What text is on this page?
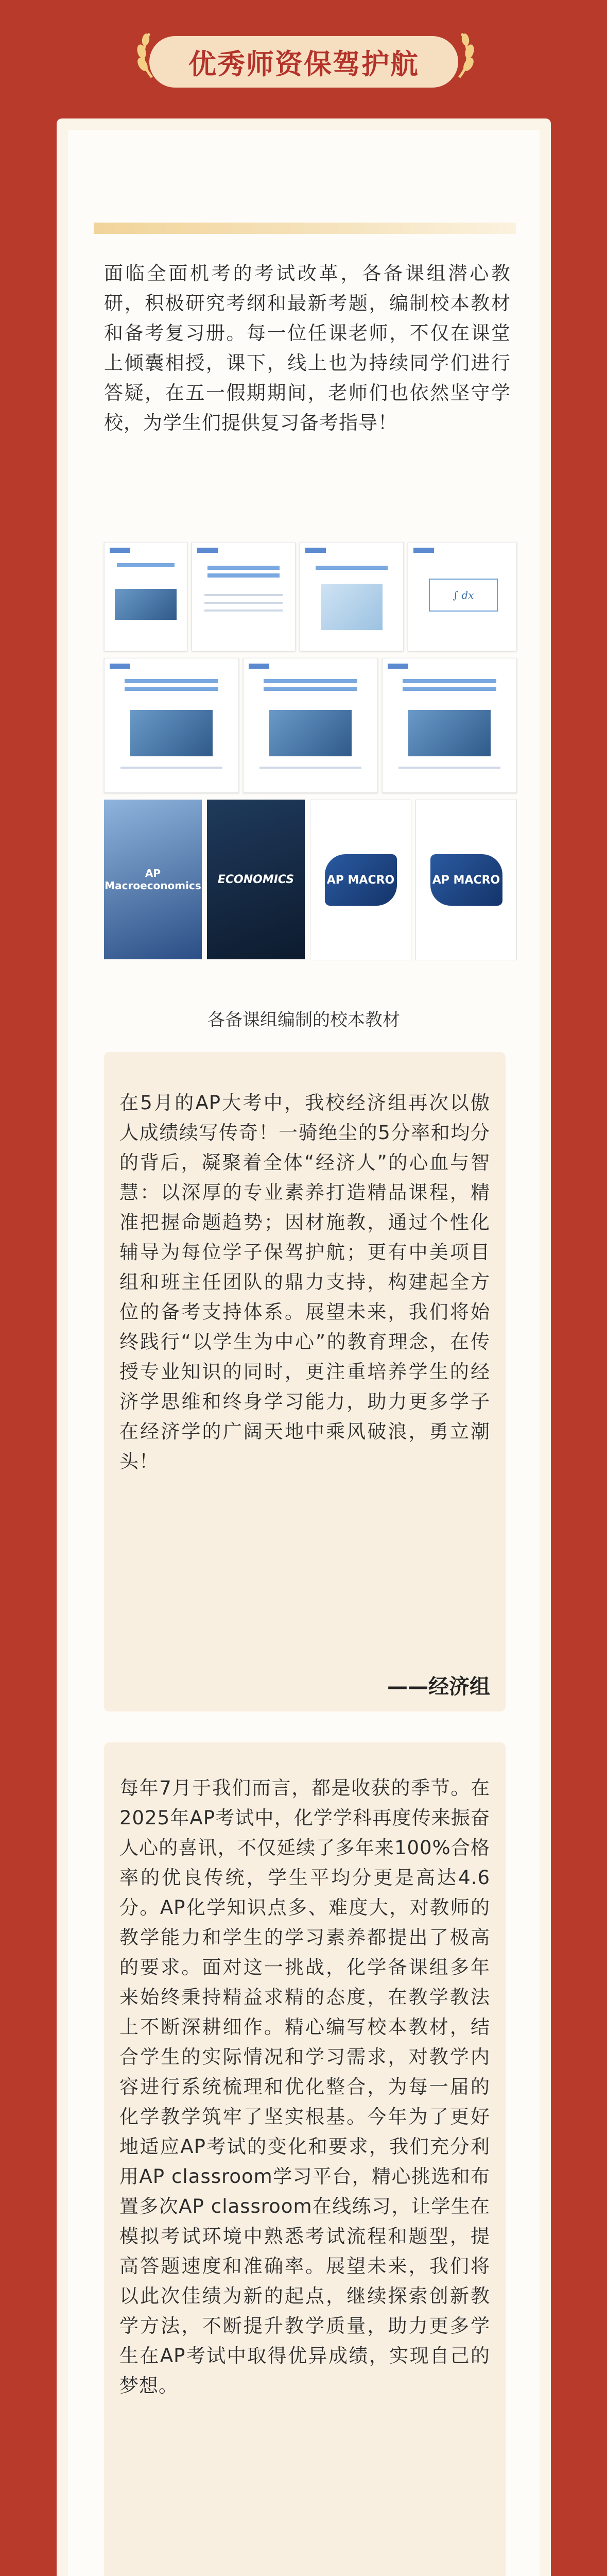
优秀师资保驾护航
面临全面机考的考试改革，各备课组潜心教研，积极研究考纲和最新考题，编制校本教材和备考复习册。每一位任课老师，不仅在课堂上倾囊相授，课下，线上也为持续同学们进行答疑，在五一假期期间，老师们也依然坚守学校，为学生们提供复习备考指导！
∫ dx
AP Macroeconomics ECONOMICS	AP MACRO	AP MACRO
各备课组编制的校本教材
在5月的AP大考中，我校经济组再次以傲人成绩续写传奇！一骑绝尘的5分率和均分的背后，凝聚着全体“经济人”的心血与智慧：以深厚的专业素养打造精品课程，精准把握命题趋势；因材施教，通过个性化辅导为每位学子保驾护航；更有中美项目组和班主任团队的鼎力支持，构建起全方位的备考支持体系。展望未来，我们将始终践行“以学生为中心”的教育理念，在传授专业知识的同时，更注重培养学生的经济学思维和终身学习能力，助力更多学子在经济学的广阔天地中乘风破浪，勇立潮头！
——经济组
每年7月于我们而言，都是收获的季节。在2025年AP考试中，化学学科再度传来振奋人心的喜讯，不仅延续了多年来100%合格率的优良传统，学生平均分更是高达4.6分。AP化学知识点多、难度大，对教师的教学能力和学生的学习素养都提出了极高的要求。面对这一挑战，化学备课组多年来始终秉持精益求精的态度，在教学教法上不断深耕细作。精心编写校本教材，结合学生的实际情况和学习需求，对教学内容进行系统梳理和优化整合，为每一届的化学教学筑牢了坚实根基。今年为了更好地适应AP考试的变化和要求，我们充分利用AP classroom学习平台，精心挑选和布置多次AP classroom在线练习，让学生在模拟考试环境中熟悉考试流程和题型，提高答题速度和准确率。展望未来，我们将以此次佳绩为新的起点，继续探索创新教学方法，不断提升教学质量，助力更多学生在AP考试中取得优异成绩，实现自己的梦想。
